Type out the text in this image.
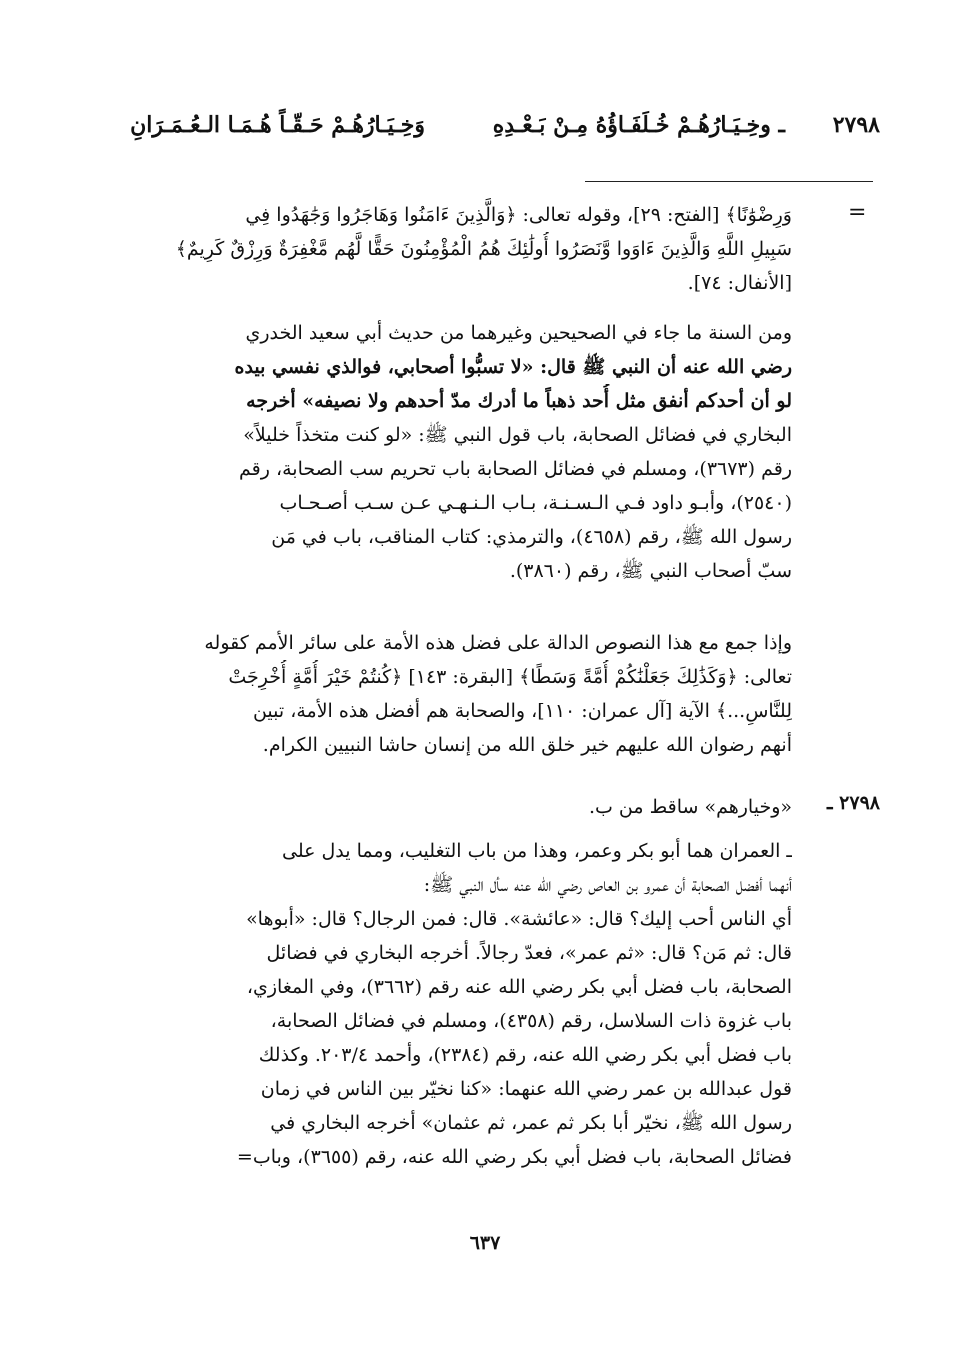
٢٧٩٨
ـ وخِـيَـارُهُـمْ خُـلَفَـاؤُهُ مِـنْ بَـعْـدِهِ
وَخِـيَـارُهُـمْ حَـقّـاً هُـمَـا الـعُـمَـرَانِ
=
وَرِضْوَٰنًا﴾ [الفتح: ٢٩]، وقوله تعالى: ﴿وَالَّذِينَ ءَامَنُوا وَهَاجَرُوا وَجَٰهَدُوا فِي
سَبِيلِ اللَّهِ وَالَّذِينَ ءَاوَوا وَّنَصَرُوا أُولَٰئِكَ هُمُ الْمُؤْمِنُونَ حَقًّا لَّهُم مَّغْفِرَةٌ وَرِزْقٌ كَرِيمٌ﴾
[الأنفال: ٧٤].
ومن السنة ما جاء في الصحيحين وغيرهما من حديث أبي سعيد الخدري
رضي الله عنه أن النبي ﷺ قال: «لا تسبُّوا أصحابي، فوالذي نفسي بيده
لو أن أحدكم أنفق مثل أُحد ذهباً ما أدرك مدّ أحدهم ولا نصيفه» أخرجه
البخاري في فضائل الصحابة، باب قول النبي ﷺ: «لو كنت متخذاً خليلاً»
رقم (٣٦٧٣)، ومسلم في فضائل الصحابة باب تحريم سب الصحابة، رقم
(٢٥٤٠)، وأبـو داود فـي الـسـنـة، بـاب الـنـهـي عـن سـب أصـحـاب
رسول الله ﷺ، رقم (٤٦٥٨)، والترمذي: كتاب المناقب، باب في مَن
سبّ أصحاب النبي ﷺ، رقم (٣٨٦٠).
وإذا جمع مع هذا النصوص الدالة على فضل هذه الأمة على سائر الأمم كقوله
تعالى: ﴿وَكَذَٰلِكَ جَعَلْنَٰكُمْ أُمَّةً وَسَطًا﴾ [البقرة: ١٤٣] ﴿كُنتُمْ خَيْرَ أُمَّةٍ أُخْرِجَتْ
لِلنَّاسِ...﴾ الآية [آل عمران: ١١٠]، والصحابة هم أفضل هذه الأمة، تبين
أنهم رضوان الله عليهم خير خلق الله من إنسان حاشا النبيين الكرام.
٢٧٩٨ ـ
«وخيارهم» ساقط من ب.
ـ العمران هما أبو بكر وعمر، وهذا من باب التغليب، ومما يدل على
أنهما أفضل الصحابة أن عمرو بن العاص رضي الله عنه سأل النبي ﷺ:
أي الناس أحب إليك؟ قال: «عائشة». قال: فمن الرجال؟ قال: «أبوها»
قال: ثم مَن؟ قال: «ثم عمر»، فعدّ رجالاً. أخرجه البخاري في فضائل
الصحابة، باب فضل أبي بكر رضي الله عنه رقم (٣٦٦٢)، وفي المغازي،
باب غزوة ذات السلاسل، رقم (٤٣٥٨)، ومسلم في فضائل الصحابة،
باب فضل أبي بكر رضي الله عنه، رقم (٢٣٨٤)، وأحمد ٢٠٣/٤. وكذلك
قول عبدالله بن عمر رضي الله عنهما: «كنا نخيّر بين الناس في زمان
رسول الله ﷺ، نخيّر أبا بكر ثم عمر، ثم عثمان» أخرجه البخاري في
فضائل الصحابة، باب فضل أبي بكر رضي الله عنه، رقم (٣٦٥٥)، وباب=
٦٣٧
